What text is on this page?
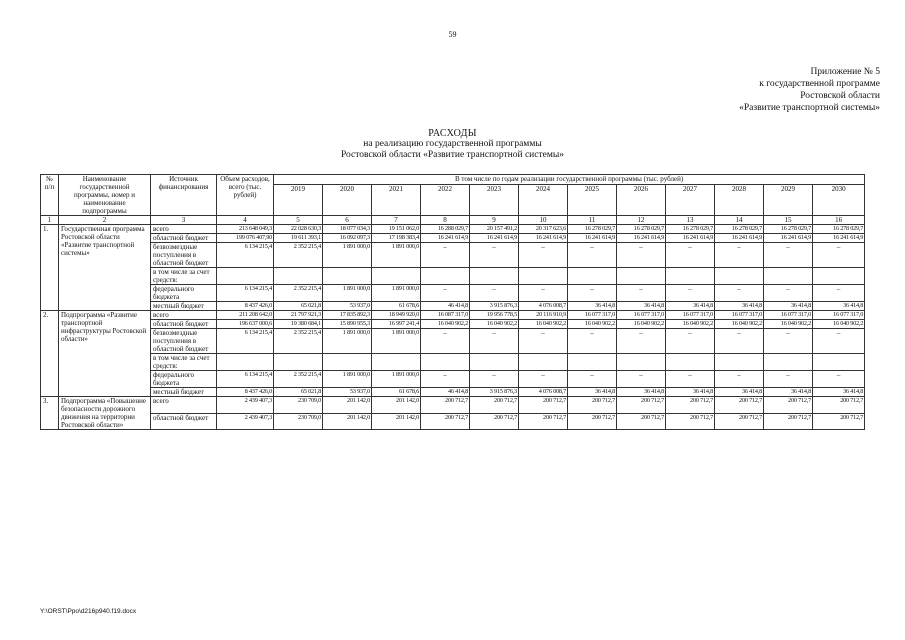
59
Приложение № 5
к государственной программе
Ростовской области
«Развитие транспортной системы»
РАСХОДЫ
на реализацию государственной программы
Ростовской области «Развитие транспортной системы»
№ п/п	Наименование государственной программы, номер и наименование подпрограммы	Источник финансирования	Объем расходов, всего (тыс. рублей)	В том числе по годам реализации государственной программы (тыс. рублей)											
				2019	2020	2021	2022	2023	2024	2025	2026	2027	2028	2029	2030
1	2	3	4	5	6	7	8	9	10	11	12	13	14	15	16
1.	Государственная программа Ростовской области «Развитие транспортной системы»	всего	213 648 049,3	22 028 630,3	18 077 034,3	19 151 062,0	16 288 029,7	20 157 491,2	20 317 623,6	16 278 029,7	16 278 029,7	16 278 029,7	16 278 029,7	16 278 029,7	16 278 029,7
		областной бюджет	199 076 407,90	19 611 393,1	16 092 097,3	17 198 383,4	16 241 614,9	16 241 614,9	16 241 614,9	16 241 614,9	16 241 614,9	16 241 614,9	16 241 614,9	16 241 614,9	16 241 614,9
		безвозмездные поступления в областной бюджет	6 134 215,4	2 352 215,4	1 891 000,0	1 891 000,0	–	–	–	–	–	–	–	–	–
		в том числе за счет средств:													
		федерального бюджета	6 134 215,4	2 352 215,4	1 891 000,0	1 891 000,0	–	–	–	–	–	–	–	–	–
		местный бюджет	8 437 426,0	65 021,8	53 937,0	61 678,6	46 414,8	3 915 876,3	4 076 008,7	36 414,8	36 414,8	36 414,8	36 414,8	36 414,8	36 414,8
2.	Подпрограмма «Развитие транспортной инфраструктуры Ростовской области»	всего	211 208 642,0	21 797 921,3	17 835 892,3	18 949 920,0	16 087 317,0	19 956 778,5	20 116 910,9	16 077 317,0	16 077 317,0	16 077 317,0	16 077 317,0	16 077 317,0	16 077 317,0
		областной бюджет	196 637 000,6	19 380 684,1	15 890 955,3	16 997 241,4	16 040 902,2	16 040 902,2	16 040 902,2	16 040 902,2	16 040 902,2	16 040 902,2	16 040 902,2	16 040 902,2	16 040 902,2
		безвозмездные поступления в областной бюджет	6 134 215,4	2 352 215,4	1 891 000,0	1 891 000,0	–	–	–	–	–	–	–	–	–
		в том числе за счет средств:													
		федерального бюджета	6 134 215,4	2 352 215,4	1 891 000,0	1 891 000,0	–	–	–	–	–	–	–	–	–
		местный бюджет	8 437 426,0	65 021,8	53 937,0	61 678,6	46 414,8	3 915 876,3	4 076 008,7	36 414,8	36 414,8	36 414,8	36 414,8	36 414,8	36 414,8
3.	Подпрограмма «Повышение безопасности дорожного движения на территории Ростовской области»	всего	2 439 407,3	230 709,0	201 142,0	201 142,0	200 712,7	200 712,7	200 712,7	200 712,7	200 712,7	200 712,7	200 712,7	200 712,7	200 712,7
		областной бюджет	2 439 407,3	230 709,0	201 142,0	201 142,0	200 712,7	200 712,7	200 712,7	200 712,7	200 712,7	200 712,7	200 712,7	200 712,7	200 712,7
Y:\ORST\Ppo\d216p940.f19.docx
